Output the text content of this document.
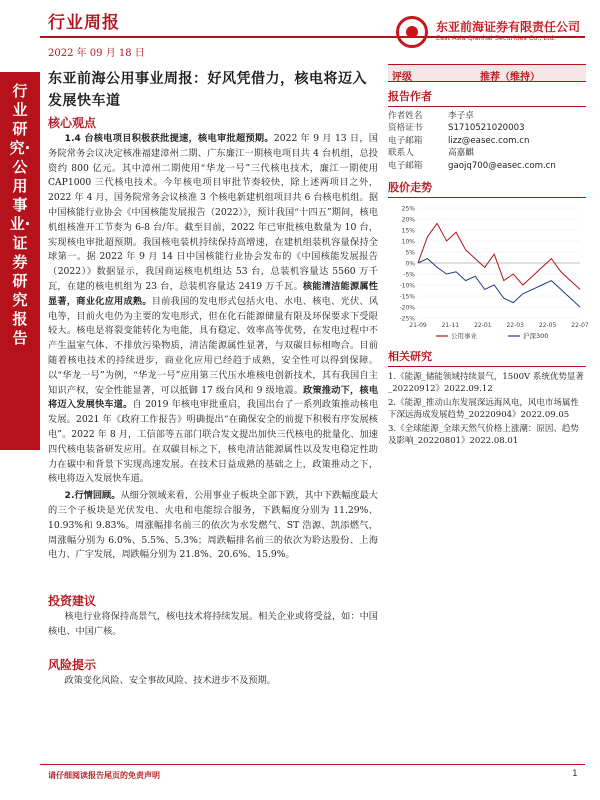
行业研究·公用事业·证券研究报告
行业周报
2022 年 09 月 18 日
东亚前海证券有限责任公司
East Asia Qianhai Securities Co., Ltd.
东亚前海公用事业周报：好风凭借力，核电将迈入发展快车道
核心观点

1.4 台核电项目积极获批提速，核电审批超预期。2022 年 9 月 13 日，国务院常务会议决定核准福建漳州二期、广东廉江一期核电项目共 4 台机组，总投资约 800 亿元。其中漳州二期使用“华龙一号”三代核电技术，廉江一期使用 CAP1000 三代核电技术。今年核电项目审批节奏较快，除上述两项目之外，2022 年 4 月，国务院常务会议核准 3 个核电新建机组项目共 6 台核电机组。据中国核能行业协会《中国核能发展报告（2022）》，预计我国“十四五”期间，核电机组核准开工节奏为 6-8 台/年。截至目前，2022 年已审批核电数量为 10 台，实现核电审批超预期。我国核电装机持续保持高增速，在建机组装机容量保持全球第一。据 2022 年 9 月 14 日中国核能行业协会发布的《中国核能发展报告（2022）》数据显示，我国商运核电机组达 53 台，总装机容量达 5560 万千瓦，在建的核电机组为 23 台，总装机容量达 2419 万千瓦。核能清洁能源属性显著，商业化应用成熟。目前我国的发电形式包括火电、水电、核电、光伏、风电等，目前火电仍为主要的发电形式，但在化石能源储量有限及环保要求下受限较大。核电是将裂变能转化为电能，具有稳定、效率高等优势，在发电过程中不产生温室气体、不排放污染物质，清洁能源属性显著，与双碳目标相吻合。目前随着核电技术的持续进步，商业化应用已经趋于成熟，安全性可以得到保障。以“华龙一号”为例，“华龙一号”应用第三代压水堆核电创新技术，其有我国自主知识产权，安全性能显著，可以抵御 17 级台风和 9 级地震。政策推动下，核电将迈入发展快车道。自 2019 年核电审批重启，我国出台了一系列政策推动核电发展。2021 年《政府工作报告》明确提出“在确保安全的前提下积极有序发展核电”。2022 年 8 月，工信部等五部门联合发文提出加快三代核电的批量化、加速四代核电装备研发应用。在双碳目标之下，核电清洁能源属性以及发电稳定性助力在碳中和背景下实现高速发展。在技术日益成熟的基础之上，政策推动之下，核电将迈入发展快车道。

2.行情回顾。从细分领域来看，公用事业子板块全部下跌，其中下跌幅度最大的三个子板块是光伏发电、火电和电能综合服务，下跌幅度分别为 11.29%、10.93%和 9.83%。周涨幅排名前三的依次为水发燃气、ST 浩源、凯添燃气，周涨幅分别为 6.0%、5.5%、5.3%；周跌幅排名前三的依次为聆达股份、上海电力、广宇发展，周跌幅分别为 21.8%、20.6%、15.9%。

投资建议

核电行业将保持高景气，核电技术将持续发展。相关企业或将受益，如：中国核电、中国广核。

风险提示

政策变化风险、安全事故风险、技术进步不及预期。

评级	推荐（维持）
报告作者
作者姓名	李子卓
资格证书	S1710521020003
电子邮箱	lizz@easec.com.cn
联系人	高嘉麒
电子邮箱	gaojq700@easec.com.cn
股价走势
25%
20%
15%
10%
5%
0%
-5%
-10%
-15%
-20%
-25%
21-09 21-11 22-01 22-03 22-05 22-07
公用事业	沪深300
相关研究
1.《能源_储能领域持续景气，1500V 系统优势显著_20220912》2022.09.12
2.《能源_推动山东发展深远海风电，风电市场属性下深远海成发展趋势_20220904》2022.09.05
3.《全球能源_全球天然气价格上涨潮：原因、趋势及影响_20220801》2022.08.01
请仔细阅读报告尾页的免责声明	1
